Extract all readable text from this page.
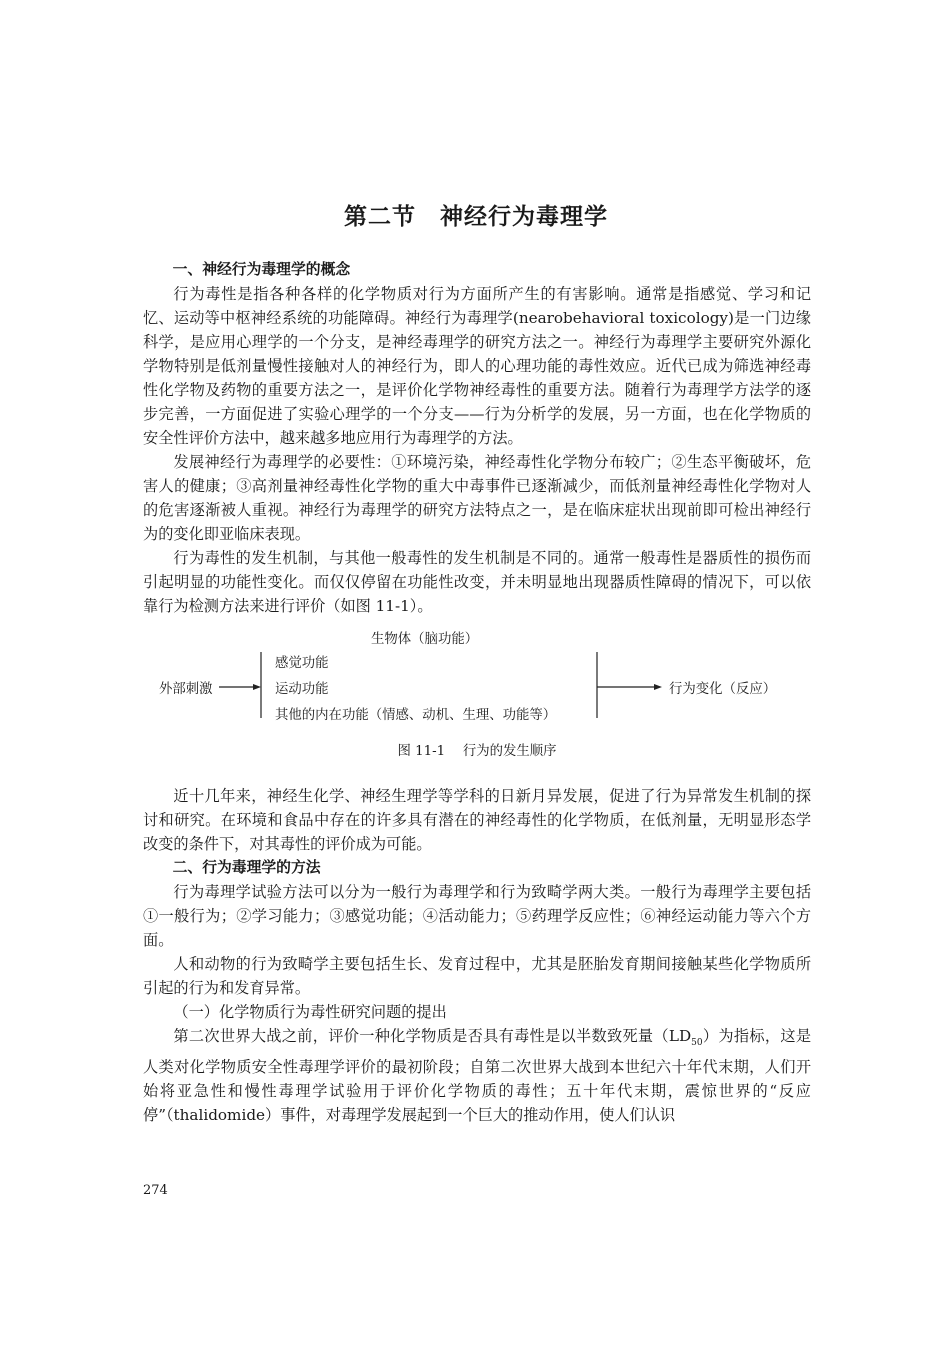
第二节　神经行为毒理学
一、神经行为毒理学的概念

行为毒性是指各种各样的化学物质对行为方面所产生的有害影响。通常是指感觉、学习和记忆、运动等中枢神经系统的功能障碍。神经行为毒理学(nearobehavioral toxicology)是一门边缘科学，是应用心理学的一个分支，是神经毒理学的研究方法之一。神经行为毒理学主要研究外源化学物特别是低剂量慢性接触对人的神经行为，即人的心理功能的毒性效应。近代已成为筛选神经毒性化学物及药物的重要方法之一，是评价化学物神经毒性的重要方法。随着行为毒理学方法学的逐步完善，一方面促进了实验心理学的一个分支——行为分析学的发展，另一方面，也在化学物质的安全性评价方法中，越来越多地应用行为毒理学的方法。

发展神经行为毒理学的必要性：①环境污染，神经毒性化学物分布较广；②生态平衡破坏，危害人的健康；③高剂量神经毒性化学物的重大中毒事件已逐渐减少，而低剂量神经毒性化学物对人的危害逐渐被人重视。神经行为毒理学的研究方法特点之一，是在临床症状出现前即可检出神经行为的变化即亚临床表现。

行为毒性的发生机制，与其他一般毒性的发生机制是不同的。通常一般毒性是器质性的损伤而引起明显的功能性变化。而仅仅停留在功能性改变，并未明显地出现器质性障碍的情况下，可以依靠行为检测方法来进行评价（如图 11-1）。

生物体（脑功能）
外部刺激
感觉功能
运动功能
其他的内在功能（情感、动机、生理、功能等）
行为变化（反应）
图 11-1　 行为的发生顺序

近十几年来，神经生化学、神经生理学等学科的日新月异发展，促进了行为异常发生机制的探讨和研究。在环境和食品中存在的许多具有潜在的神经毒性的化学物质，在低剂量，无明显形态学改变的条件下，对其毒性的评价成为可能。

二、行为毒理学的方法

行为毒理学试验方法可以分为一般行为毒理学和行为致畸学两大类。一般行为毒理学主要包括①一般行为；②学习能力；③感觉功能；④活动能力；⑤药理学反应性；⑥神经运动能力等六个方面。

人和动物的行为致畸学主要包括生长、发育过程中，尤其是胚胎发育期间接触某些化学物质所引起的行为和发育异常。

（一）化学物质行为毒性研究问题的提出

第二次世界大战之前，评价一种化学物质是否具有毒性是以半数致死量$(LD_{50})$为指标，这是人类对化学物质安全性毒理学评价的最初阶段；自第二次世界大战到本世纪六十年代末期，人们开始将亚急性和慢性毒理学试验用于评价化学物质的毒性；五十年代末期，震惊世界的“反应停”（thalidomide）事件，对毒理学发展起到一个巨大的推动作用，使人们认识

274
